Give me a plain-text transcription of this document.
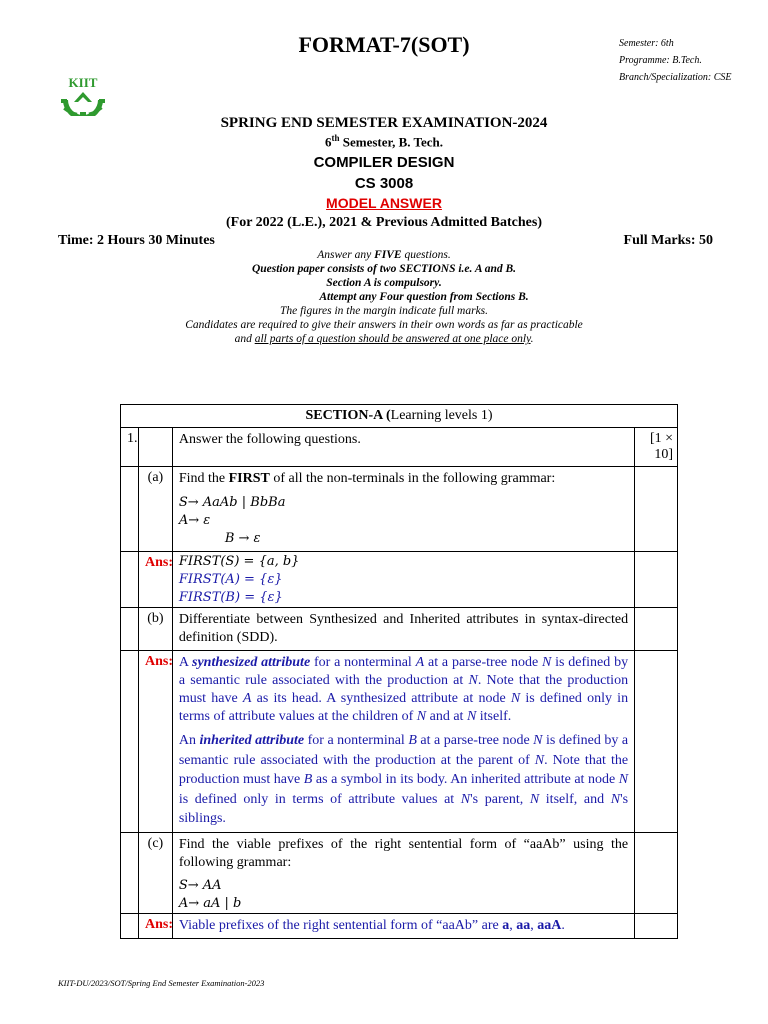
FORMAT-7(SOT)	Semester: 6th
Programme: B.Tech.
Branch/Specialization: CSE
KIIT
SPRING END SEMESTER EXAMINATION-2024
6th Semester, B. Tech.
COMPILER DESIGN
CS 3008
MODEL ANSWER
(For 2022 (L.E.), 2021 & Previous Admitted Batches)
Time: 2 Hours 30 Minutes	Full Marks: 50
Answer any FIVE questions.
Question paper consists of two SECTIONS i.e. A and B.
Section A is compulsory.
Attempt any Four question from Sections B.
The figures in the margin indicate full marks.
Candidates are required to give their answers in their own words as far as practicable
and all parts of a question should be answered at one place only.
SECTION-A (Learning levels 1)			
1.		Answer the following questions.	[1 × 10]
	(a)	Find the FIRST of all the non-terminals in the following grammar:
S→ AaAb | BbBa
A→ ε
B → ε	

	Ans:	FIRST(S) = {a, b}
FIRST(A) = {ε}
FIRST(B) = {ε}	

	(b)	Differentiate between Synthesized and Inherited attributes in syntax-directed definition (SDD).	
	Ans:	A synthesized attribute for a nonterminal A at a parse-tree node N is defined by a semantic rule associated with the production at N. Note that the production must have A as its head. A synthesized attribute at node N is defined only in terms of attribute values at the children of N and at N itself.
An inherited attribute for a nonterminal B at a parse-tree node N is defined by a semantic rule associated with the production at the parent of N. Note that the production must have B as a symbol in its body. An inherited attribute at node N is defined only in terms of attribute values at N's parent, N itself, and N's siblings.	

	(c)	Find the viable prefixes of the right sentential form of “aaAb” using the following grammar:
S→ AA
A→ aA | b	

	Ans:	Viable prefixes of the right sentential form of “aaAb” are a, aa, aaA.	
KIIT-DU/2023/SOT/Spring End Semester Examination-2023
